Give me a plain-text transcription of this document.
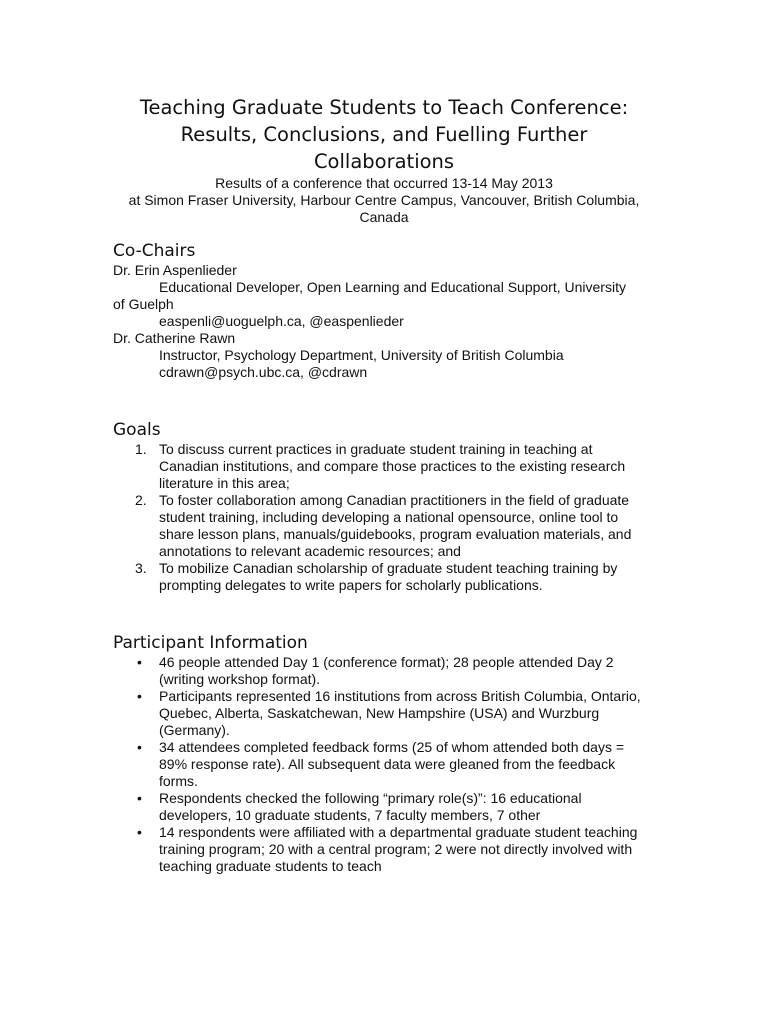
Teaching Graduate Students to Teach Conference:
Results, Conclusions, and Fuelling Further
Collaborations
Results of a conference that occurred 13-14 May 2013
at Simon Fraser University, Harbour Centre Campus, Vancouver, British Columbia,
Canada
Co-Chairs
Dr. Erin Aspenlieder
Educational Developer, Open Learning and Educational Support, University
of Guelph
easpenli@uoguelph.ca, @easpenlieder
Dr. Catherine Rawn
Instructor, Psychology Department, University of British Columbia
cdrawn@psych.ubc.ca, @cdrawn
Goals
1. To discuss current practices in graduate student training in teaching at
Canadian institutions, and compare those practices to the existing research
literature in this area;
2. To foster collaboration among Canadian practitioners in the field of graduate
student training, including developing a national opensource, online tool to
share lesson plans, manuals/guidebooks, program evaluation materials, and
annotations to relevant academic resources; and
3. To mobilize Canadian scholarship of graduate student teaching training by
prompting delegates to write papers for scholarly publications.
Participant Information
• 46 people attended Day 1 (conference format); 28 people attended Day 2
(writing workshop format).
• Participants represented 16 institutions from across British Columbia, Ontario,
Quebec, Alberta, Saskatchewan, New Hampshire (USA) and Wurzburg
(Germany).
• 34 attendees completed feedback forms (25 of whom attended both days =
89% response rate). All subsequent data were gleaned from the feedback
forms.
• Respondents checked the following “primary role(s)”: 16 educational
developers, 10 graduate students, 7 faculty members, 7 other
• 14 respondents were affiliated with a departmental graduate student teaching
training program; 20 with a central program; 2 were not directly involved with
teaching graduate students to teach
